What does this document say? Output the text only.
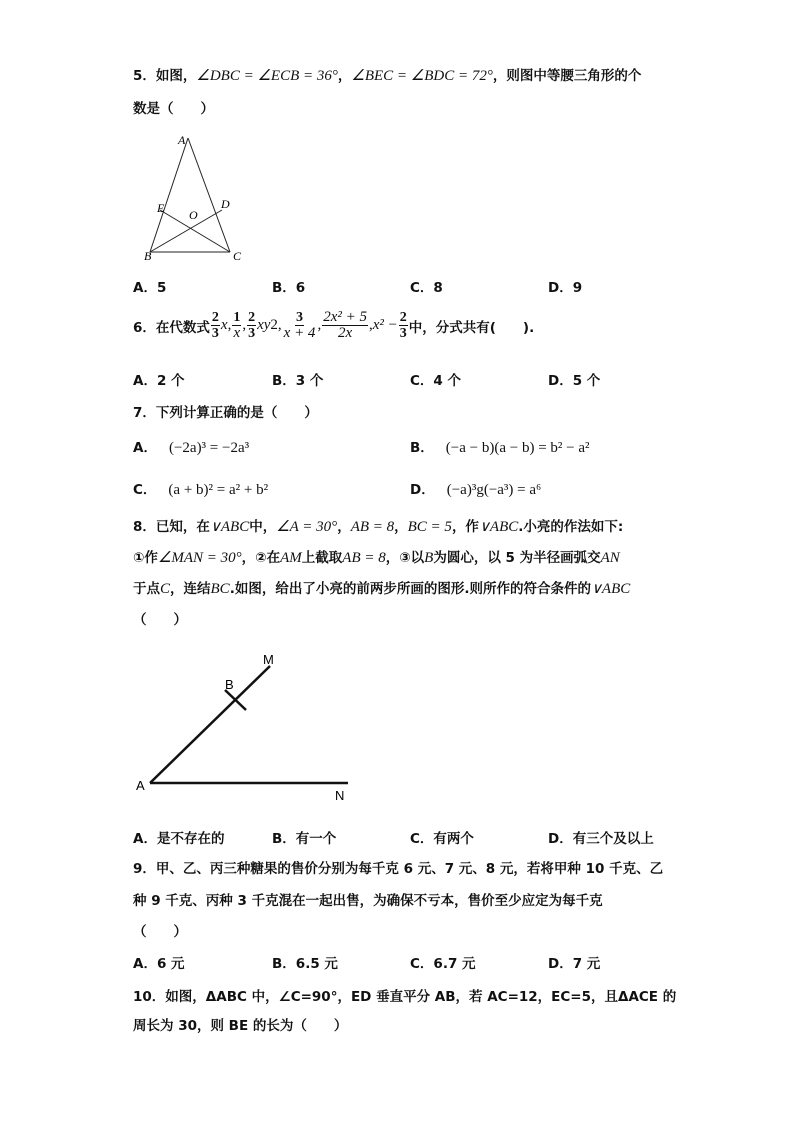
5．如图，∠DBC = ∠ECB = 36°，∠BEC = ∠BDC = 72°，则图中等腰三角形的个
数是（　　）
A
E O
D
B	C
A．5	B．6	C．8	D．9
6． 在代数式 $\frac{2}{3}$ x , $\frac{1}{x}$ , $\frac{2}{3}$ xy 2 , $\frac{3}{x + 4}$ , $\frac{\text{2x² + 5}}{2x}$ , $x^2 - \frac{2}{3}$ 中，分式共有(　　).
A．2 个	B．3 个	C．4 个	D．5 个
7．下列计算正确的是（　　）
A． (−2a)³ = −2a³	B． (−a − b)(a − b) = b² − a²
C． (a + b)² = a² + b²	D． (−a)³g(−a³) = a⁶
8．已知，在∨ABC中，∠A = 30°，AB = 8，BC = 5，作∨ABC.小亮的作法如下:
①作∠MAN = 30°，②在AM上截取AB = 8，③以B为圆心，以 5 为半径画弧交AN
于点C，连结BC.如图，给出了小亮的前两步所画的图形.则所作的符合条件的∨ABC
（　　）
M
B
A
N
A．是不存在的	B．有一个	C．有两个	D．有三个及以上
9．甲、乙、丙三种糖果的售价分别为每千克 6 元、7 元、8 元，若将甲种 10 千克、乙
种 9 千克、丙种 3 千克混在一起出售，为确保不亏本，售价至少应定为每千克
（　　）
A．6 元	B．6.5 元	C．6.7 元	D．7 元
10．如图，ΔABC 中，∠C=90°，ED 垂直平分 AB，若 AC=12，EC=5，且ΔACE 的
周长为 30，则 BE 的长为（　　）
